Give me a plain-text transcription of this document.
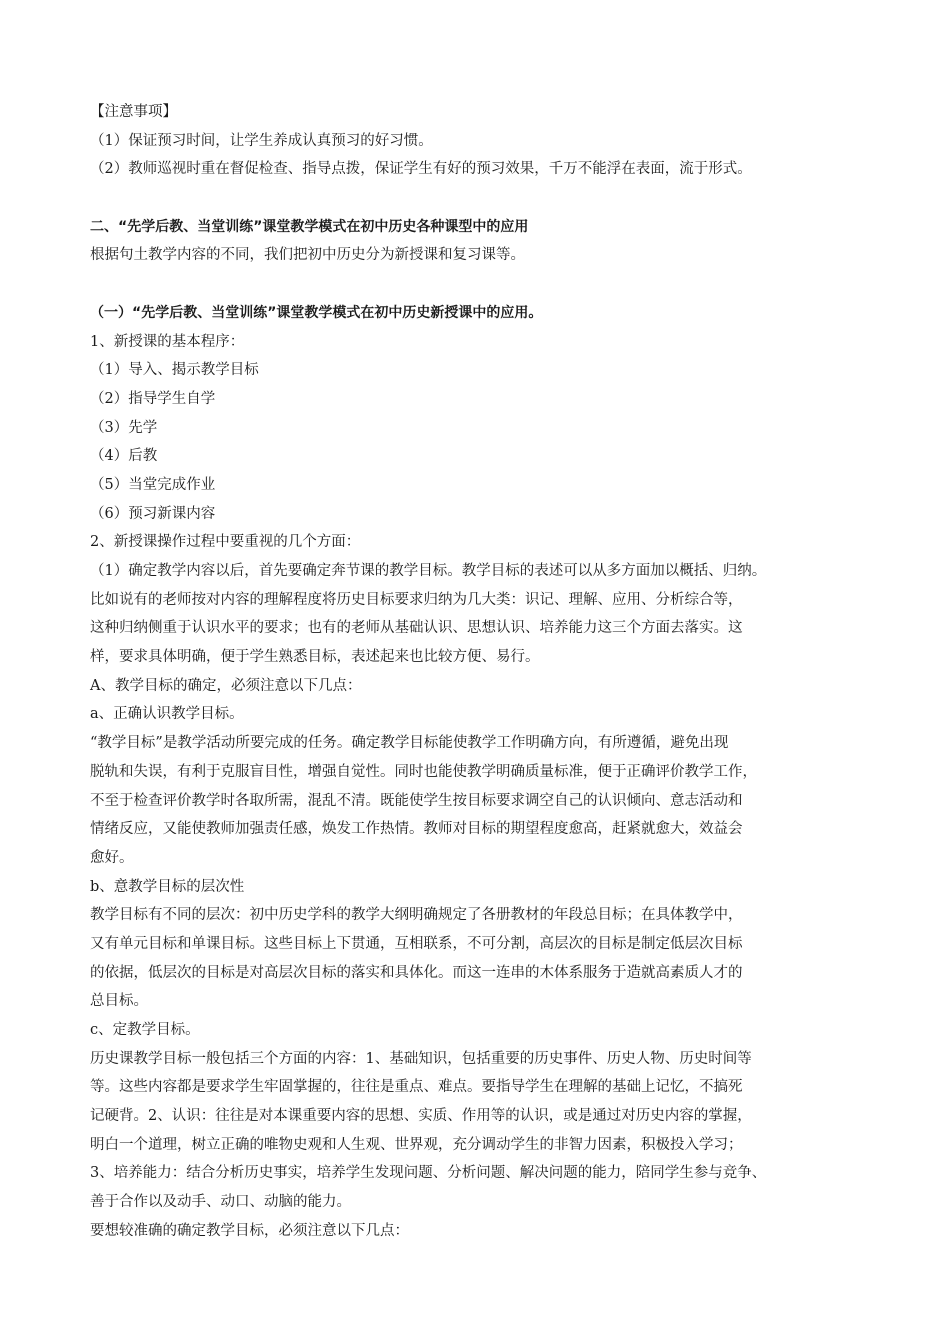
【注意事项】
（1）保证预习时间，让学生养成认真预习的好习惯。
（2）教师巡视时重在督促检查、指导点拨，保证学生有好的预习效果，千万不能浮在表面，流于形式。
二、“先学后教、当堂训练”课堂教学模式在初中历史各种课型中的应用
根据句土教学内容的不同，我们把初中历史分为新授课和复习课等。
（一）“先学后教、当堂训练”课堂教学模式在初中历史新授课中的应用。
1、新授课的基本程序：
（1）导入、揭示教学目标
（2）指导学生自学
（3）先学
（4）后教
（5）当堂完成作业
（6）预习新课内容
2、新授课操作过程中要重视的几个方面：
（1）确定教学内容以后，首先要确定奔节课的教学目标。教学目标的表述可以从多方面加以概括、归纳。
比如说有的老师按对内容的理解程度将历史目标要求归纳为几大类：识记、理解、应用、分析综合等，
这种归纳侧重于认识水平的要求；也有的老师从基础认识、思想认识、培养能力这三个方面去落实。这
样，要求具体明确，便于学生熟悉目标，表述起来也比较方便、易行。
A、教学目标的确定，必须注意以下几点：
a、正确认识教学目标。
“教学目标”是教学活动所要完成的任务。确定教学目标能使教学工作明确方向，有所遵循，避免出现
脱轨和失误，有利于克服盲目性，增强自觉性。同时也能使教学明确质量标准，便于正确评价教学工作，
不至于检查评价教学时各取所需，混乱不清。既能使学生按目标要求调空自己的认识倾向、意志活动和
情绪反应，又能使教师加强责任感，焕发工作热情。教师对目标的期望程度愈高，赶紧就愈大，效益会
愈好。
b、意教学目标的层次性
教学目标有不同的层次：初中历史学科的教学大纲明确规定了各册教材的年段总目标；在具体教学中，
又有单元目标和单课目标。这些目标上下贯通，互相联系，不可分割，高层次的目标是制定低层次目标
的依据，低层次的目标是对高层次目标的落实和具体化。而这一连串的木体系服务于造就高素质人才的
总目标。
c、定教学目标。
历史课教学目标一般包括三个方面的内容：1、基础知识，包括重要的历史事件、历史人物、历史时间等
等。这些内容都是要求学生牢固掌握的，往往是重点、难点。要指导学生在理解的基础上记忆，不搞死
记硬背。2、认识：往往是对本课重要内容的思想、实质、作用等的认识，或是通过对历史内容的掌握，
明白一个道理，树立正确的唯物史观和人生观、世界观，充分调动学生的非智力因素，积极投入学习；
3、培养能力：结合分析历史事实，培养学生发现问题、分析问题、解决问题的能力，陪同学生参与竞争、
善于合作以及动手、动口、动脑的能力。
要想较准确的确定教学目标，必须注意以下几点：
